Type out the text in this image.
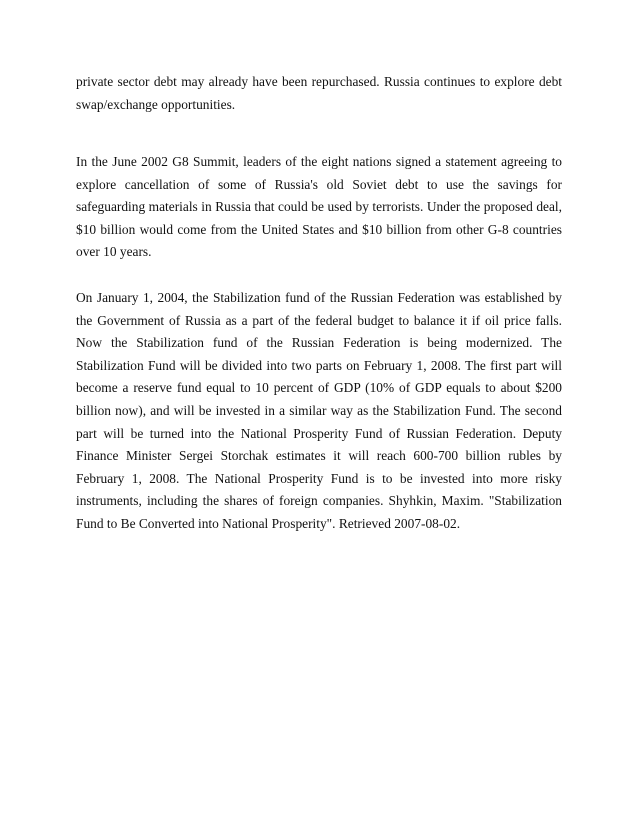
private sector debt may already have been repurchased. Russia continues to explore debt swap/exchange opportunities.

In the June 2002 G8 Summit, leaders of the eight nations signed a statement agreeing to explore cancellation of some of Russia's old Soviet debt to use the savings for safeguarding materials in Russia that could be used by terrorists. Under the proposed deal, $10 billion would come from the United States and $10 billion from other G-8 countries over 10 years.

On January 1, 2004, the Stabilization fund of the Russian Federation was established by the Government of Russia as a part of the federal budget to balance it if oil price falls. Now the Stabilization fund of the Russian Federation is being modernized. The Stabilization Fund will be divided into two parts on February 1, 2008. The first part will become a reserve fund equal to 10 percent of GDP (10% of GDP equals to about $200 billion now), and will be invested in a similar way as the Stabilization Fund. The second part will be turned into the National Prosperity Fund of Russian Federation. Deputy Finance Minister Sergei Storchak estimates it will reach 600-700 billion rubles by February 1, 2008. The National Prosperity Fund is to be invested into more risky instruments, including the shares of foreign companies. Shyhkin, Maxim. "Stabilization Fund to Be Converted into National Prosperity". Retrieved 2007-08-02.
